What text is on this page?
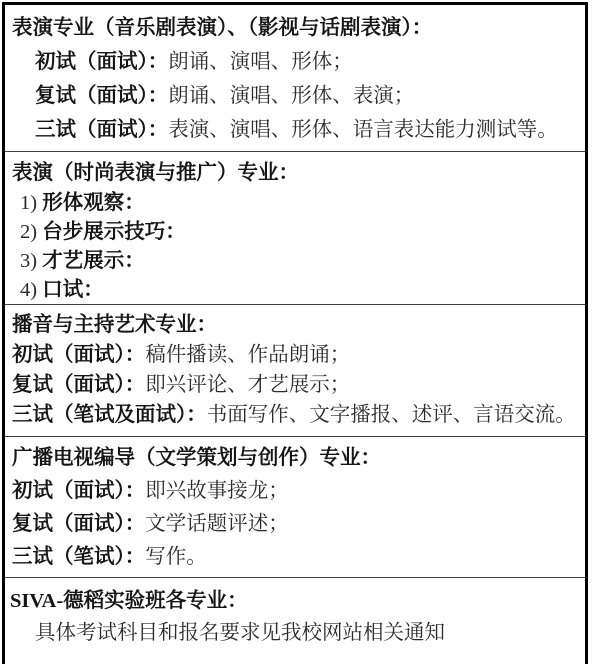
表演专业（音乐剧表演）、（影视与话剧表演）：
初试（面试）：朗诵、演唱、形体；
复试（面试）：朗诵、演唱、形体、表演；
三试（面试）：表演、演唱、形体、语言表达能力测试等。
表演（时尚表演与推广）专业：
1) 形体观察：
2) 台步展示技巧：
3) 才艺展示：
4) 口试：
播音与主持艺术专业：
初试（面试）：稿件播读、作品朗诵；
复试（面试）：即兴评论、才艺展示；
三试（笔试及面试）：书面写作、文字播报、述评、言语交流。
广播电视编导（文学策划与创作）专业：
初试（面试）：即兴故事接龙；
复试（面试）：文学话题评述；
三试（笔试）：写作。
SIVA-德稻实验班各专业：
具体考试科目和报名要求见我校网站相关通知
